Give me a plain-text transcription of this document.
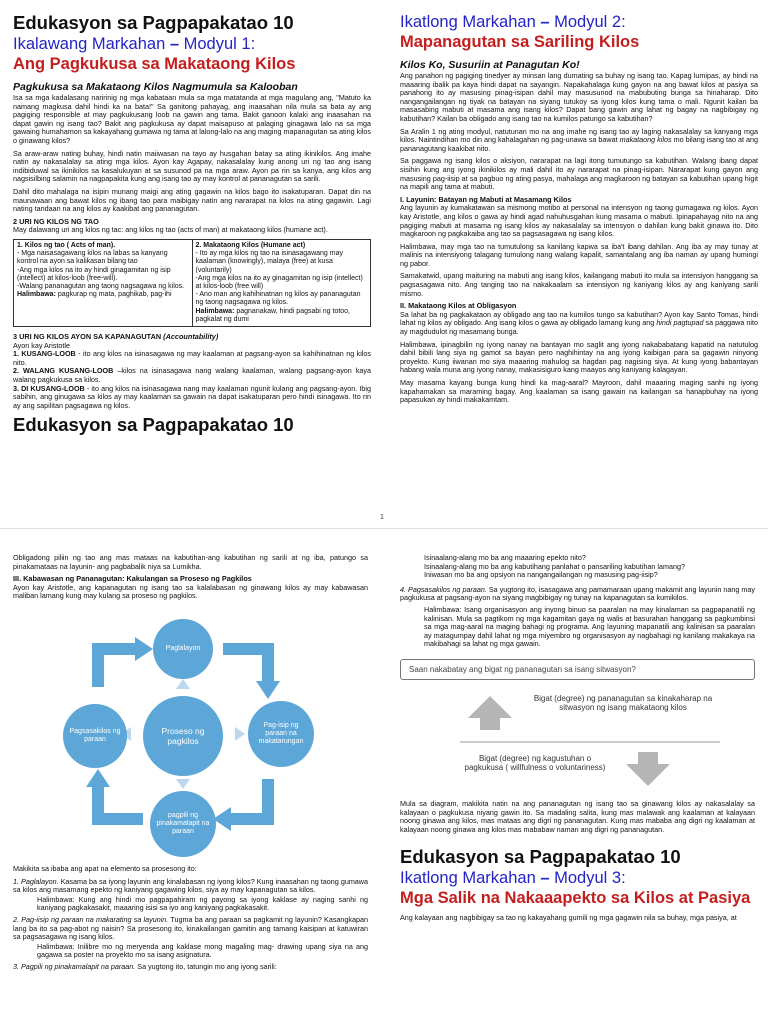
Edukasyon sa Pagpapakatao 10
Ikalawang Markahan – Modyul 1:
Ang Pagkukusa sa Makataong Kilos
Pagkukusa sa Makataong Kilos Nagmumula sa Kalooban

Isa sa mga kadalasang naririnig ng mga kabataan mula sa mga matatanda at mga magulang ang, "Matuto ka namang magkusa dahil hindi ka na bata!" Sa ganitong pahayag, ang inaasahan nila mula sa bata ay ang pagiging responsible at may pagkukusang loob na gawin ang tama. Bakit ganoon kalaki ang inaasahan na dapat gawin ng isang tao? Bakit ang pagkukusa ay dapat maisapuso at palaging ginagawa lalo na sa mga gawaing humahamon sa kakayahang gumawa ng tama at lalong-lalo na ang maging mapanagutan sa ating kilos o ginawang kilos?

Sa araw-araw nating buhay, hindi natin maiiwasan na tayo ay husgahan batay sa ating ikinikilos. Ang imahe natin ay nakasalalay sa ating mga kilos. Ayon kay Agapay, nakasalalay kung anong uri ng tao ang isang indibiduwal sa ikinikilos sa kasalukuyan at sa susunod pa na mga araw. Ayon pa rin sa kanya, ang kilos ang nagsisilbing salamin na nagpapakita kung ang isang tao ay may kontrol at pananagutan sa sarili.

Dahil dito mahalaga na isipin munang maigi ang ating gagawin na kilos bago ito isakatuparan. Dapat din na maunawaan ang bawat kilos ng ibang tao para maibigay natin ang nararapat na kilos na ating gagawin. Lagi nating tandaan na ang kilos ay kaakibat ang pananagutan.

2 URI NG KILOS NG TAO

May dalawang uri ang kilos ng tac: ang kilos ng tao (acts of man) at makataong kilos (humane act).

1. Kilos ng tao ( Acts of man).
- Mga naisasagawang kilos na labas sa kanyang kontrol na ayon sa kalikasan bilang tao
-Ang mga kilos na ito ay hindi ginagamitan ng isip (intellect) at kilos-loob (free-will).
-Walang pananagutan ang taong nagsagawa ng kilos.
Halimbawa: pagkurap ng mata, paghikab, pag-ihi

2. Makataong Kilos (Humane act)
- Ito ay mga kilos ng tao na isinasagawang may kaalaman (knowingly), malaya (free) at kusa (voluntarily)
-Ang mga kilos na ito ay ginagamitan ng isip (intellect) at kilos-loob (free will)
- Ano man ang kahihinatnan ng kilos ay pananagutan ng taong nagsagawa ng kilos.
Halimbawa: pagnanakaw, hindi pagsabi ng totoo, pagkalat ng dumi
3 URI NG KILOS AYON SA KAPANAGUTAN (Accountability)

Ayon kay Aristotle

1. KUSANG-LOOB - ito ang kilos na isinasagawa ng may kaalaman at pagsang-ayon sa kahihinatnan ng kilos nito.

2. WALANG KUSANG-LOOB –kilos na isinasagawa nang walang kaalaman, walang pagsang-ayon kaya walang pagkukusa sa kilos.

3. DI KUSANG-LOOB - ito ang kilos na isinasagawa nang may kaalaman ngunit kulang ang pagsang-ayon. Ibig sabihin, ang ginugawa sa kilos ay may kaalaman sa gawain na dapat isakatuparan pero hindi isinagawa. Ito rin ay ang sapilitan pagsagawa ng kilos.

Edukasyon sa Pagpapakatao 10
Ikatlong Markahan – Modyul 2:
Mapanagutan sa Sariling Kilos
Kilos Ko, Susuriin at Panagutan Ko!

Ang panahon ng pagiging tinedyer ay minsan lang dumating sa buhay ng isang tao. Kapag lumipas, ay hindi na maaaring ibalik pa kaya hindi dapat na sayangin. Napakahalaga kung gayon na ang bawat kilos at pasiya sa panahong ito ay masusing pinag-isipan dahil may masusunod na mabubuting bunga sa hinaharap. Dito nangangailangan ng tiyak na batayan na siyang tutukoy sa iyong kilos kung tama o mali. Ngunit kailan ba masasabing mabuti at masama ang isang kilos? Dapat bang gawin ang lahat ng bagay na nagbibigay ng kabutihan? Kailan ba obligado ang isang tao na kumilos patungo sa kabutihan?

Sa Aralin 1 ng ating modyul, natutunan mo na ang imahe ng isang tao ay laging nakasalalay sa kanyang mga kilos. Naintindihan mo din ang kahalagahan ng pag-unawa sa bawat makataong kilos mo bilang isang tao at ang pananagutang kaakibat nito.

Sa paggawa ng isang kilos o aksiyon, nararapat na lagi itong tumutungo sa kabutihan. Walang ibang dapat sisihin kung ang iyong ikinikilos ay mali dahil ito ay nararapat na pinag-isipan. Nararapat kung gayon ang masusing pag-iisip at sa pagbuo ng ating pasya, mahalaga ang magkaroon ng batayan sa kabutihan upang higit na mapili ang tama at mabuti.

I. Layunin: Batayan ng Mabuti at Masamang Kilos

Ang layunin ay kumakatawan sa mismong motibo at personal na intensyon ng taong gumagawa ng kilos. Ayon kay Aristotle, ang kilos o gawa ay hindi agad nahuhusgahan kung masama o mabuti. Ipinapahayag nito na ang pagiging mabuti at masama ng isang kilos ay nakasalalay sa intensyon o dahilan kung bakit ginawa ito. Dito magkaroon ng pagkakaiba ang tao sa pagsasagawa ng isang kilos.

Halimbawa, may mga tao na tumutulong sa kanilang kapwa sa iba't ibang dahilan. Ang iba ay may tunay at malinis na intensiyong talagang tumulong nang walang kapalit, samantalang ang iba naman ay upang humingi ng pabor.

Samakatwid, upang maituring na mabuti ang isang kilos, kailangang mabuti ito mula sa intensiyon hanggang sa pagsasagawa nito. Ang tanging tao na nakakaalam sa intensiyon ng kaniyang kilos ay ang kaniyang sarili mismo.

II. Makataong Kilos at Obligasyon

Sa lahat ba ng pagkakataon ay obligado ang tao na kumilos tungo sa kabutihan? Ayon kay Santo Tomas, hindi lahat ng kilos ay obligado. Ang isang kilos o gawa ay obligado lamang kung ang hindi pagtupad sa paggawa nito ay magdudulot ng masamang bunga.

Halimbawa, ipinagbilin ng iyong nanay na bantayan mo saglit ang iyong nakababatang kapatid na natutulog dahil bibili lang siya ng gamot sa bayan pero naghihintay na ang iyong kaibigan para sa gagawin ninyong proyekto. Kung iiwanan mo siya maaaring mahulog sa hagdan pag nagising siya. At kung iyong babantayan habang wala muna ang iyong nanay, makasisiguro kang maayos ang kaniyang kalagayan.

May masama kayang bunga kung hindi ka mag-aaral? Mayroon, dahil maaaring maging sanhi ng iyong kapahamakan sa maraming bagay. Ang kaalaman sa isang gawain na kailangan sa hanapbuhay na iyong papasukan ay hindi makakamtam.

1

Obligadong piliin ng tao ang mas mataas na kabutihan-ang kabutihan ng sarili at ng iba, patungo sa pinakamataas na layunin- ang pagbabalik niya sa Lumikha.

III. Kabawasan ng Pananagutan: Kakulangan sa Proseso ng Pagkilos

Ayon kay Aristotle, ang kapanagutan ng isang tao sa kalalabasan ng ginawang kilos ay may kabawasan maliban lamang kung may kulang sa proseso ng pagkilos.

Paglalayon
Pag-isip ng paraan na makatarungan
pagpili ng pinakamalapit na paraan
Pagsasakilos ng paraan
Proseso ng pagkilos

Makikita sa ibaba ang apat na elemento sa prosesong ito:

1. Paglalayon. Kasama ba sa iyong layunin ang kinalabasan ng iyong kilos? Kung inaasahan ng taong gumawa sa kilos ang masamang epekto ng kaniyang gagawing kilos, siya ay may kapanagutan sa kilos.

Halimbawa: Kung ang hindi mo pagpapahiram ng payong sa iyong kaklase ay naging sanhi ng kaniyang pagkakasakit, maaaring isisi sa iyo ang kaniyang pagkakasakit.

2. Pag-iisip ng paraan na makarating sa layunin. Tugma ba ang paraan sa pagkamit ng layunin? Kasangkapan lang ba ito sa pag-abot ng naisin? Sa prosesong ito, kinakailangan gamitin ang tamang kaisipan at katuwiran sa pagsasagawa ng isang kilos.

Halimbawa: Inilibre mo ng meryenda ang kaklase mong magaling mag- drawing upang siya na ang gagawa sa poster na proyekto mo sa isang asignatura.

3. Pagpili ng pinakamalapit na paraan. Sa yugtong ito, tatungin mo ang iyong sarili:

Isinaalang-alang mo ba ang maaaring epekto nito?

Isinaalang-alang mo ba ang kabutihang panlahat o pansariling kabutihan lamang?

Iniwasan mo ba ang opsiyon na nangangailangan ng masusing pag-iisip?

4. Pagsasakilos ng paraan. Sa yugtong ito, isasagawa ang pamamaraan upang makamit ang layunin nang may pagkukusa at pagsang-ayon na siyang magbibigay ng tunay na kapanagutan sa kumikilos.

Halimbawa: Isang organisasyon ang inyong binuo sa paaralan na may kinalaman sa pagpapanatili ng kalinisan. Mula sa pagtikom ng mga kagamitan gaya ng walis at basurahan hanggang sa pagkumbinsi sa mga mag-aaral na maging bahagi ng programa. Ang layuning mapanatili ang kalinisan sa paaralan ay matagumpay dahil lahat ng mga miyembro ng organisasyon ay nagbahagi ng kanilang makakaya na makibahagi sa lahat ng mga gawain.

Saan nakabatay ang bigat ng pananagutan sa isang sitwasyon?
Bigat (degree) ng pananagutan sa kinakaharap na sitwasyon ng isang makataong kilos
Bigat (degree) ng kagustuhan o pagkukusa ( willfulness o voluntariness)

Mula sa diagram, makikita natin na ang pananagutan ng isang tao sa ginawang kilos ay nakasalalay sa kalayaan o pagkukusa niyang gawin ito. Sa madaling salita, kung mas malawak ang kaalaman at kalayaan noong ginawa ang kilos, mas mataas ang digri ng pananagutan. Kung mas mababa ang digri ng kaalaman at kalayaan noong ginawa ang kilos mas mababaw naman ang digri ng pananagutan.

Edukasyon sa Pagpapakatao 10
Ikatlong Markahan – Modyul 3:
Mga Salik na Nakaaapekto sa Kilos at Pasiya

Ang kalayaan ang nagbibigay sa tao ng kakayahang gumili ng mga gagawin nila sa buhay, mga pasiya, at
